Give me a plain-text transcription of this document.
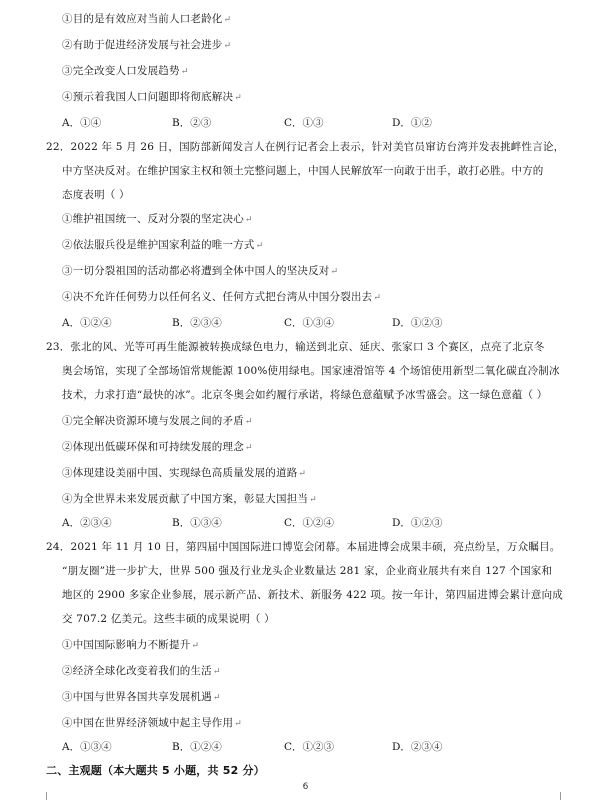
①目的是有效应对当前人口老龄化↵
②有助于促进经济发展与社会进步↵
③完全改变人口发展趋势↵
④预示着我国人口问题即将彻底解决↵
A．①④	B．②③	C．①③	D．①②
22．2022 年 5 月 26 日，国防部新闻发言人在例行记者会上表示，针对美官员窜访台湾并发表挑衅性言论，
中方坚决反对。在维护国家主权和领土完整问题上，中国人民解放军一向敢于出手，敢打必胜。中方的
态度表明（ ）
①维护祖国统一、反对分裂的坚定决心↵
②依法服兵役是维护国家利益的唯一方式↵
③一切分裂祖国的活动都必将遭到全体中国人的坚决反对↵
④决不允许任何势力以任何名义、任何方式把台湾从中国分裂出去↵
A．①②④	B．②③④	C．①③④	D．①②③
23．张北的风、光等可再生能源被转换成绿色电力，输送到北京、延庆、张家口 3 个赛区，点亮了北京冬
奥会场馆，实现了全部场馆常规能源 100%使用绿电。国家速滑馆等 4 个场馆使用新型二氧化碳直冷制冰
技术，力求打造“最快的冰”。北京冬奥会如约履行承诺，将绿色意蕴赋予冰雪盛会。这一绿色意蕴（ ）
①完全解决资源环境与发展之间的矛盾↵
②体现出低碳环保和可持续发展的理念↵
③体现建设美丽中国、实现绿色高质量发展的道路↵
④为全世界未来发展贡献了中国方案，彰显大国担当↵
A．②③④	B．①③④	C．①②④	D．①②③
24．2021 年 11 月 10 日，第四届中国国际进口博览会闭幕。本届进博会成果丰硕，亮点纷呈，万众瞩目。
“朋友圈”进一步扩大，世界 500 强及行业龙头企业数量达 281 家，企业商业展共有来自 127 个国家和
地区的 2900 多家企业参展，展示新产品、新技术、新服务 422 项。按一年计，第四届进博会累计意向成
交 707.2 亿美元。这些丰硕的成果说明（ ）
①中国国际影响力不断提升↵
②经济全球化改变着我们的生活↵
③中国与世界各国共享发展机遇↵
④中国在世界经济领域中起主导作用↵
A．①③④	B．①②④	C．①②③	D．②③④
二、主观题（本大题共 5 小题，共 52 分）
6
